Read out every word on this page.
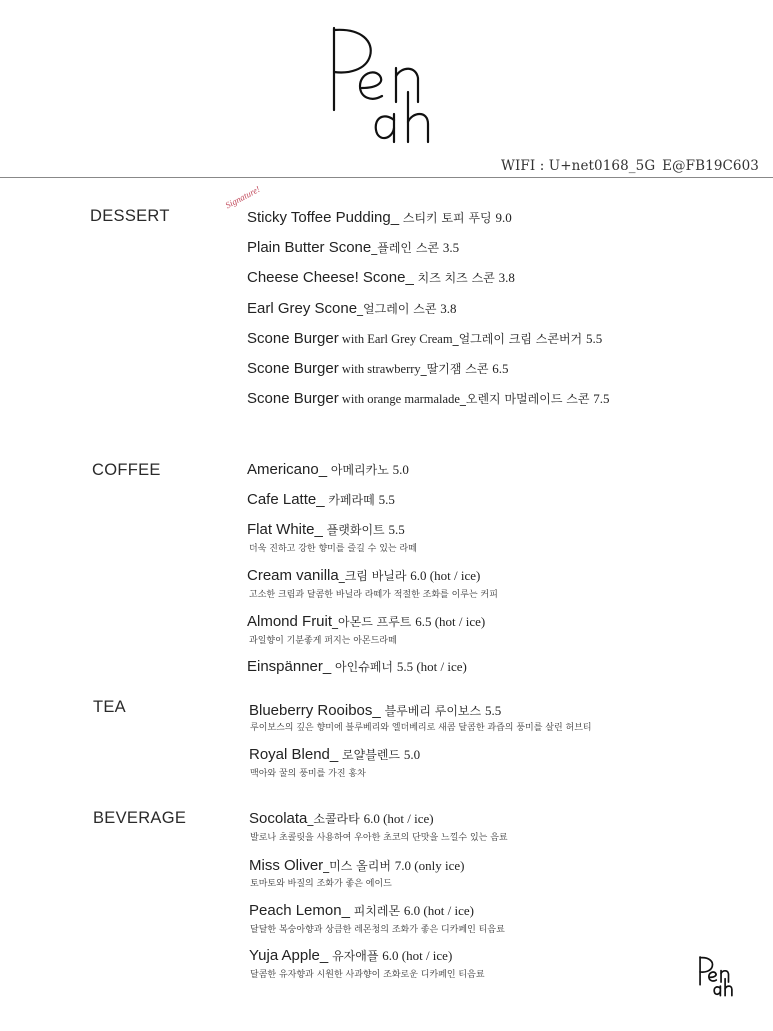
WIFI : U+net0168_5G E@FB19C603
Signature!
DESSERT	Sticky Toffee Pudding_ 스티키 토피 푸딩 9.0
Plain Butter Scone_플레인 스콘 3.5
Cheese Cheese! Scone_ 치즈 치즈 스콘 3.8
Earl Grey Scone_얼그레이 스콘 3.8
Scone Burger with Earl Grey Cream_얼그레이 크림 스콘버거 5.5
Scone Burger with strawberry_딸기잼 스콘 6.5
Scone Burger with orange marmalade_오렌지 마멀레이드 스콘 7.5
COFFEE	Americano_ 아메리카노 5.0
Cafe Latte_ 카페라떼 5.5
Flat White_ 플랫화이트 5.5
더욱 진하고 강한 향미를 즐길 수 있는 라떼
Cream vanilla_크림 바닐라 6.0 (hot / ice)
고소한 크림과 달콤한 바닐라 라떼가 적절한 조화를 이루는 커피
Almond Fruit_아몬드 프루트 6.5 (hot / ice)
과일향이 기분좋게 퍼지는 아몬드라떼
Einspänner_ 아인슈페너 5.5 (hot / ice)
TEA	Blueberry Rooibos_ 블루베리 루이보스 5.5
루이보스의 깊은 향미에 블루베리와 엘더베리로 새콤 달콤한 과즙의 풍미를 살린 허브티
Royal Blend_ 로얄블렌드 5.0
맥아와 꿀의 풍미를 가진 홍차
BEVERAGE	Socolata_소콜라타 6.0 (hot / ice)
발로나 초콜릿을 사용하여 우아한 초코의 단맛을 느낄수 있는 음료
Miss Oliver_미스 올리버 7.0 (only ice)
토마토와 바질의 조화가 좋은 에이드
Peach Lemon_ 피치레몬 6.0 (hot / ice)
달달한 복숭아향과 상큼한 레몬청의 조화가 좋은 디카페인 티음료
Yuja Apple_ 유자애플 6.0 (hot / ice)
달콤한 유자향과 시원한 사과향이 조화로운 디카페인 티음료
